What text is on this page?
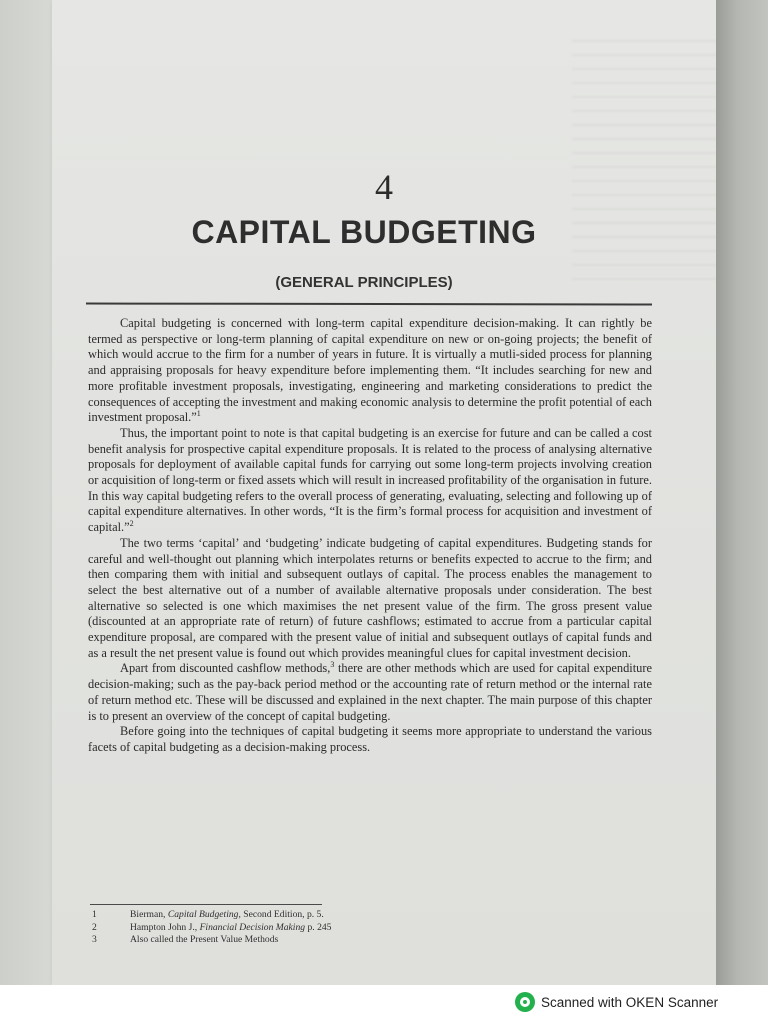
4
CAPITAL BUDGETING
(GENERAL PRINCIPLES)

Capital budgeting is concerned with long-term capital expenditure decision-making. It can rightly be termed as perspective or long-term planning of capital expenditure on new or on-going projects; the benefit of which would accrue to the firm for a number of years in future. It is virtually a mutli-sided process for planning and appraising proposals for heavy expenditure before implementing them. “It includes searching for new and more profitable investment proposals, investigating, engineering and marketing considerations to predict the consequences of accepting the investment and making economic analysis to determine the profit potential of each investment proposal.”$^1$

Thus, the important point to note is that capital budgeting is an exercise for future and can be called a cost benefit analysis for prospective capital expenditure proposals. It is related to the process of analysing alternative proposals for deployment of available capital funds for carrying out some long-term projects involving creation or acquisition of long-term or fixed assets which will result in increased profitability of the organisation in future. In this way capital budgeting refers to the overall process of generating, evaluating, selecting and following up of capital expenditure alternatives. In other words, “It is the firm’s formal process for acquisition and investment of capital.”$^2$

The two terms ‘capital’ and ‘budgeting’ indicate budgeting of capital expenditures. Budgeting stands for careful and well-thought out planning which interpolates returns or benefits expected to accrue to the firm; and then comparing them with initial and subsequent outlays of capital. The process enables the management to select the best alternative out of a number of available alternative proposals under consideration. The best alternative so selected is one which maximises the net present value of the firm. The gross present value (discounted at an appropriate rate of return) of future cashflows; estimated to accrue from a particular capital expenditure proposal, are compared with the present value of initial and subsequent outlays of capital funds and as a result the net present value is found out which provides meaningful clues for capital investment decision.

Apart from discounted cashflow methods,$^3$ there are other methods which are used for capital expenditure decision-making; such as the pay-back period method or the accounting rate of return method or the internal rate of return method etc. These will be discussed and explained in the next chapter. The main purpose of this chapter is to present an overview of the concept of capital budgeting.

Before going into the techniques of capital budgeting it seems more appropriate to understand the various facets of capital budgeting as a decision-making process.

1	Bierman, Capital Budgeting, Second Edition, p. 5.
2	Hampton John J., Financial Decision Making p. 245
3	Also called the Present Value Methods
Scanned with OKEN Scanner
